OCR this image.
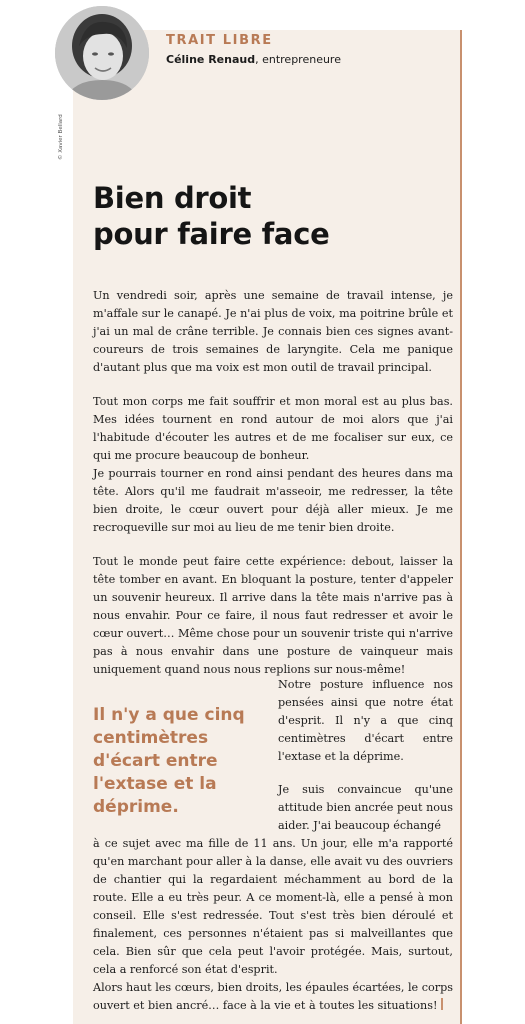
© Xavier Bellard
TRAIT LIBRE
Céline Renaud, entrepreneure
Bien droit
pour faire face
Un vendredi soir, après une semaine de travail intense, je m'affale sur le canapé. Je n'ai plus de voix, ma poitrine brûle et j'ai un mal de crâne terrible. Je connais bien ces signes avant-coureurs de trois semaines de laryngite. Cela me panique d'autant plus que ma voix est mon outil de travail principal.
Tout mon corps me fait souffrir et mon moral est au plus bas. Mes idées tournent en rond autour de moi alors que j'ai l'habitude d'écouter les autres et de me focaliser sur eux, ce qui me procure beaucoup de bonheur.
Je pourrais tourner en rond ainsi pendant des heures dans ma tête. Alors qu'il me faudrait m'asseoir, me redresser, la tête bien droite, le cœur ouvert pour déjà aller mieux. Je me recroqueville sur moi au lieu de me tenir bien droite.
Tout le monde peut faire cette expérience: debout, laisser la tête tomber en avant. En bloquant la posture, tenter d'appeler un souvenir heureux. Il arrive dans la tête mais n'arrive pas à nous envahir. Pour ce faire, il nous faut redresser et avoir le cœur ouvert… Même chose pour un souvenir triste qui n'arrive pas à nous envahir dans une posture de vainqueur mais uniquement quand nous nous replions sur nous-même!
Il n'y a que cinq centimètres d'écart entre l'extase et la déprime.
Notre posture influence nos pensées ainsi que notre état d'esprit. Il n'y a que cinq centimètres d'écart entre l'extase et la déprime.
Je suis convaincue qu'une attitude bien ancrée peut nous aider. J'ai beaucoup échangé
à ce sujet avec ma fille de 11 ans. Un jour, elle m'a rapporté qu'en marchant pour aller à la danse, elle avait vu des ouvriers de chantier qui la regardaient méchamment au bord de la route. Elle a eu très peur. A ce moment-là, elle a pensé à mon conseil. Elle s'est redressée. Tout s'est très bien déroulé et finalement, ces personnes n'étaient pas si malveillantes que cela. Bien sûr que cela peut l'avoir protégée. Mais, surtout, cela a renforcé son état d'esprit.
Alors haut les cœurs, bien droits, les épaules écartées, le corps ouvert et bien ancré… face à la vie et à toutes les situations!
